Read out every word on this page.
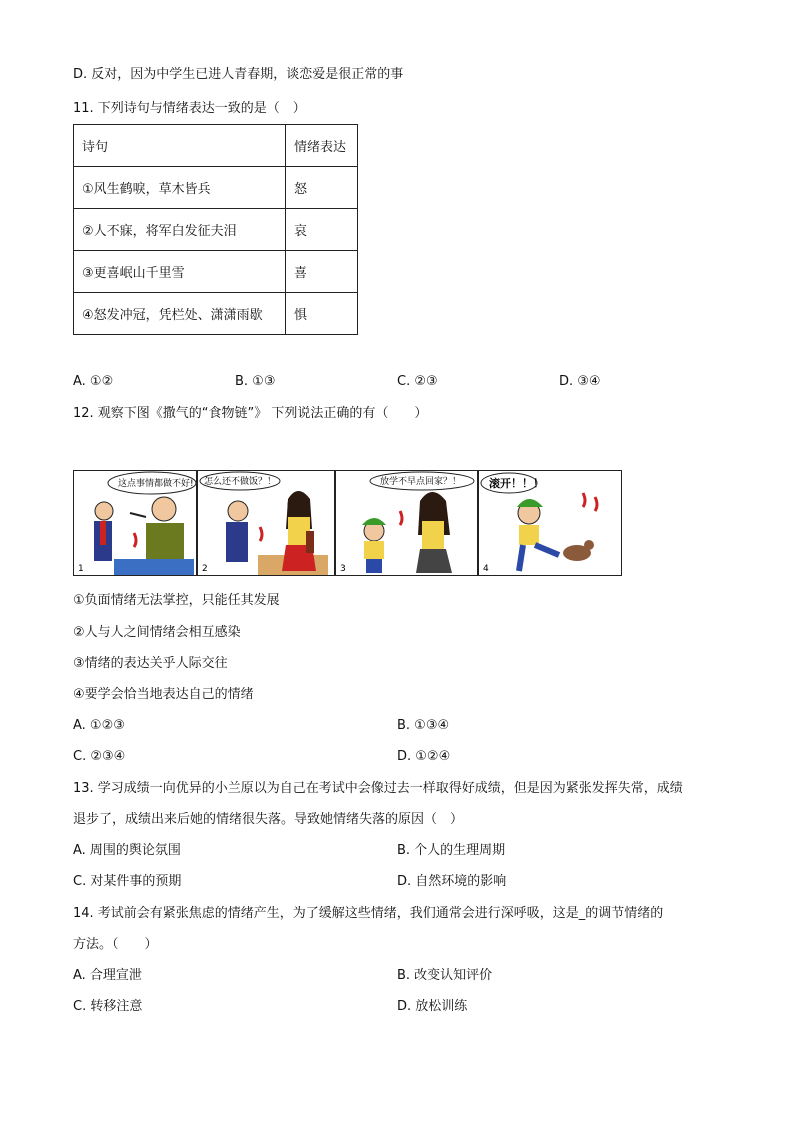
D. 反对，因为中学生已进人青春期，谈恋爱是很正常的事
11. 下列诗句与情绪表达一致的是（　）
诗句	情绪表达
①风生鹤唳，草木皆兵	怒
②人不寐，将军白发征夫泪	哀
③更喜岷山千里雪	喜
④怒发冲冠，凭栏处、潇潇雨歇	惧
A. ①②	B. ①③	C. ②③	D. ③④
12. 观察下图《撒气的“食物链”》 下列说法正确的有（　　）
这点事情都做不好!
1
怎么还不做饭？！
2
放学不早点回家？！
3
滚开！！！
4
①负面情绪无法掌控，只能任其发展
②人与人之间情绪会相互感染
③情绪的表达关乎人际交往
④要学会恰当地表达自己的情绪
A. ①②③	B. ①③④
C. ②③④	D. ①②④
13. 学习成绩一向优异的小兰原以为自己在考试中会像过去一样取得好成绩，但是因为紧张发挥失常，成绩
退步了，成绩出来后她的情绪很失落。导致她情绪失落的原因（　）
A. 周围的舆论氛围	B. 个人的生理周期
C. 对某件事的预期	D. 自然环境的影响
14. 考试前会有紧张焦虑的情绪产生，为了缓解这些情绪，我们通常会进行深呼吸，这是_的调节情绪的
方法。（　　）
A. 合理宣泄	B. 改变认知评价
C. 转移注意	D. 放松训练
